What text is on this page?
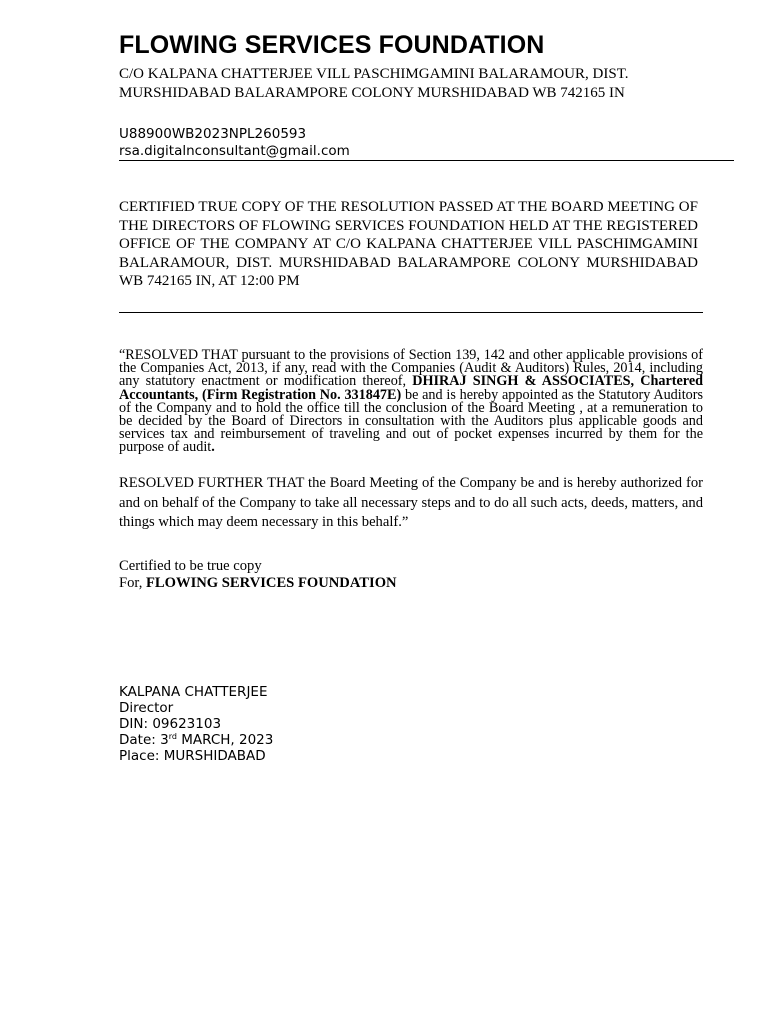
FLOWING SERVICES FOUNDATION
C/O KALPANA CHATTERJEE VILL PASCHIMGAMINI BALARAMOUR, DIST. MURSHIDABAD BALARAMPORE COLONY MURSHIDABAD WB 742165 IN
U88900WB2023NPL260593
rsa.digitalnconsultant@gmail.com
CERTIFIED TRUE COPY OF THE RESOLUTION PASSED AT THE BOARD MEETING OF THE DIRECTORS OF FLOWING SERVICES FOUNDATION HELD AT THE REGISTERED OFFICE OF THE COMPANY AT C/O KALPANA CHATTERJEE VILL PASCHIMGAMINI BALARAMOUR, DIST. MURSHIDABAD BALARAMPORE COLONY MURSHIDABAD WB 742165 IN, AT 12:00 PM

“RESOLVED THAT pursuant to the provisions of Section 139, 142 and other applicable provisions of the Companies Act, 2013, if any, read with the Companies (Audit & Auditors) Rules, 2014, including any statutory enactment or modification thereof, DHIRAJ SINGH & ASSOCIATES, Chartered Accountants, (Firm Registration No. 331847E) be and is hereby appointed as the Statutory Auditors of the Company and to hold the office till the conclusion of the Board Meeting , at a remuneration to be decided by the Board of Directors in consultation with the Auditors plus applicable goods and services tax and reimbursement of traveling and out of pocket expenses incurred by them for the purpose of audit.

RESOLVED FURTHER THAT the Board Meeting of the Company be and is hereby authorized for and on behalf of the Company to take all necessary steps and to do all such acts, deeds, matters, and things which may deem necessary in this behalf.”

Certified to be true copy
For, FLOWING SERVICES FOUNDATION
KALPANA CHATTERJEE
Director
DIN: 09623103
Date: 3rd MARCH, 2023
Place: MURSHIDABAD
